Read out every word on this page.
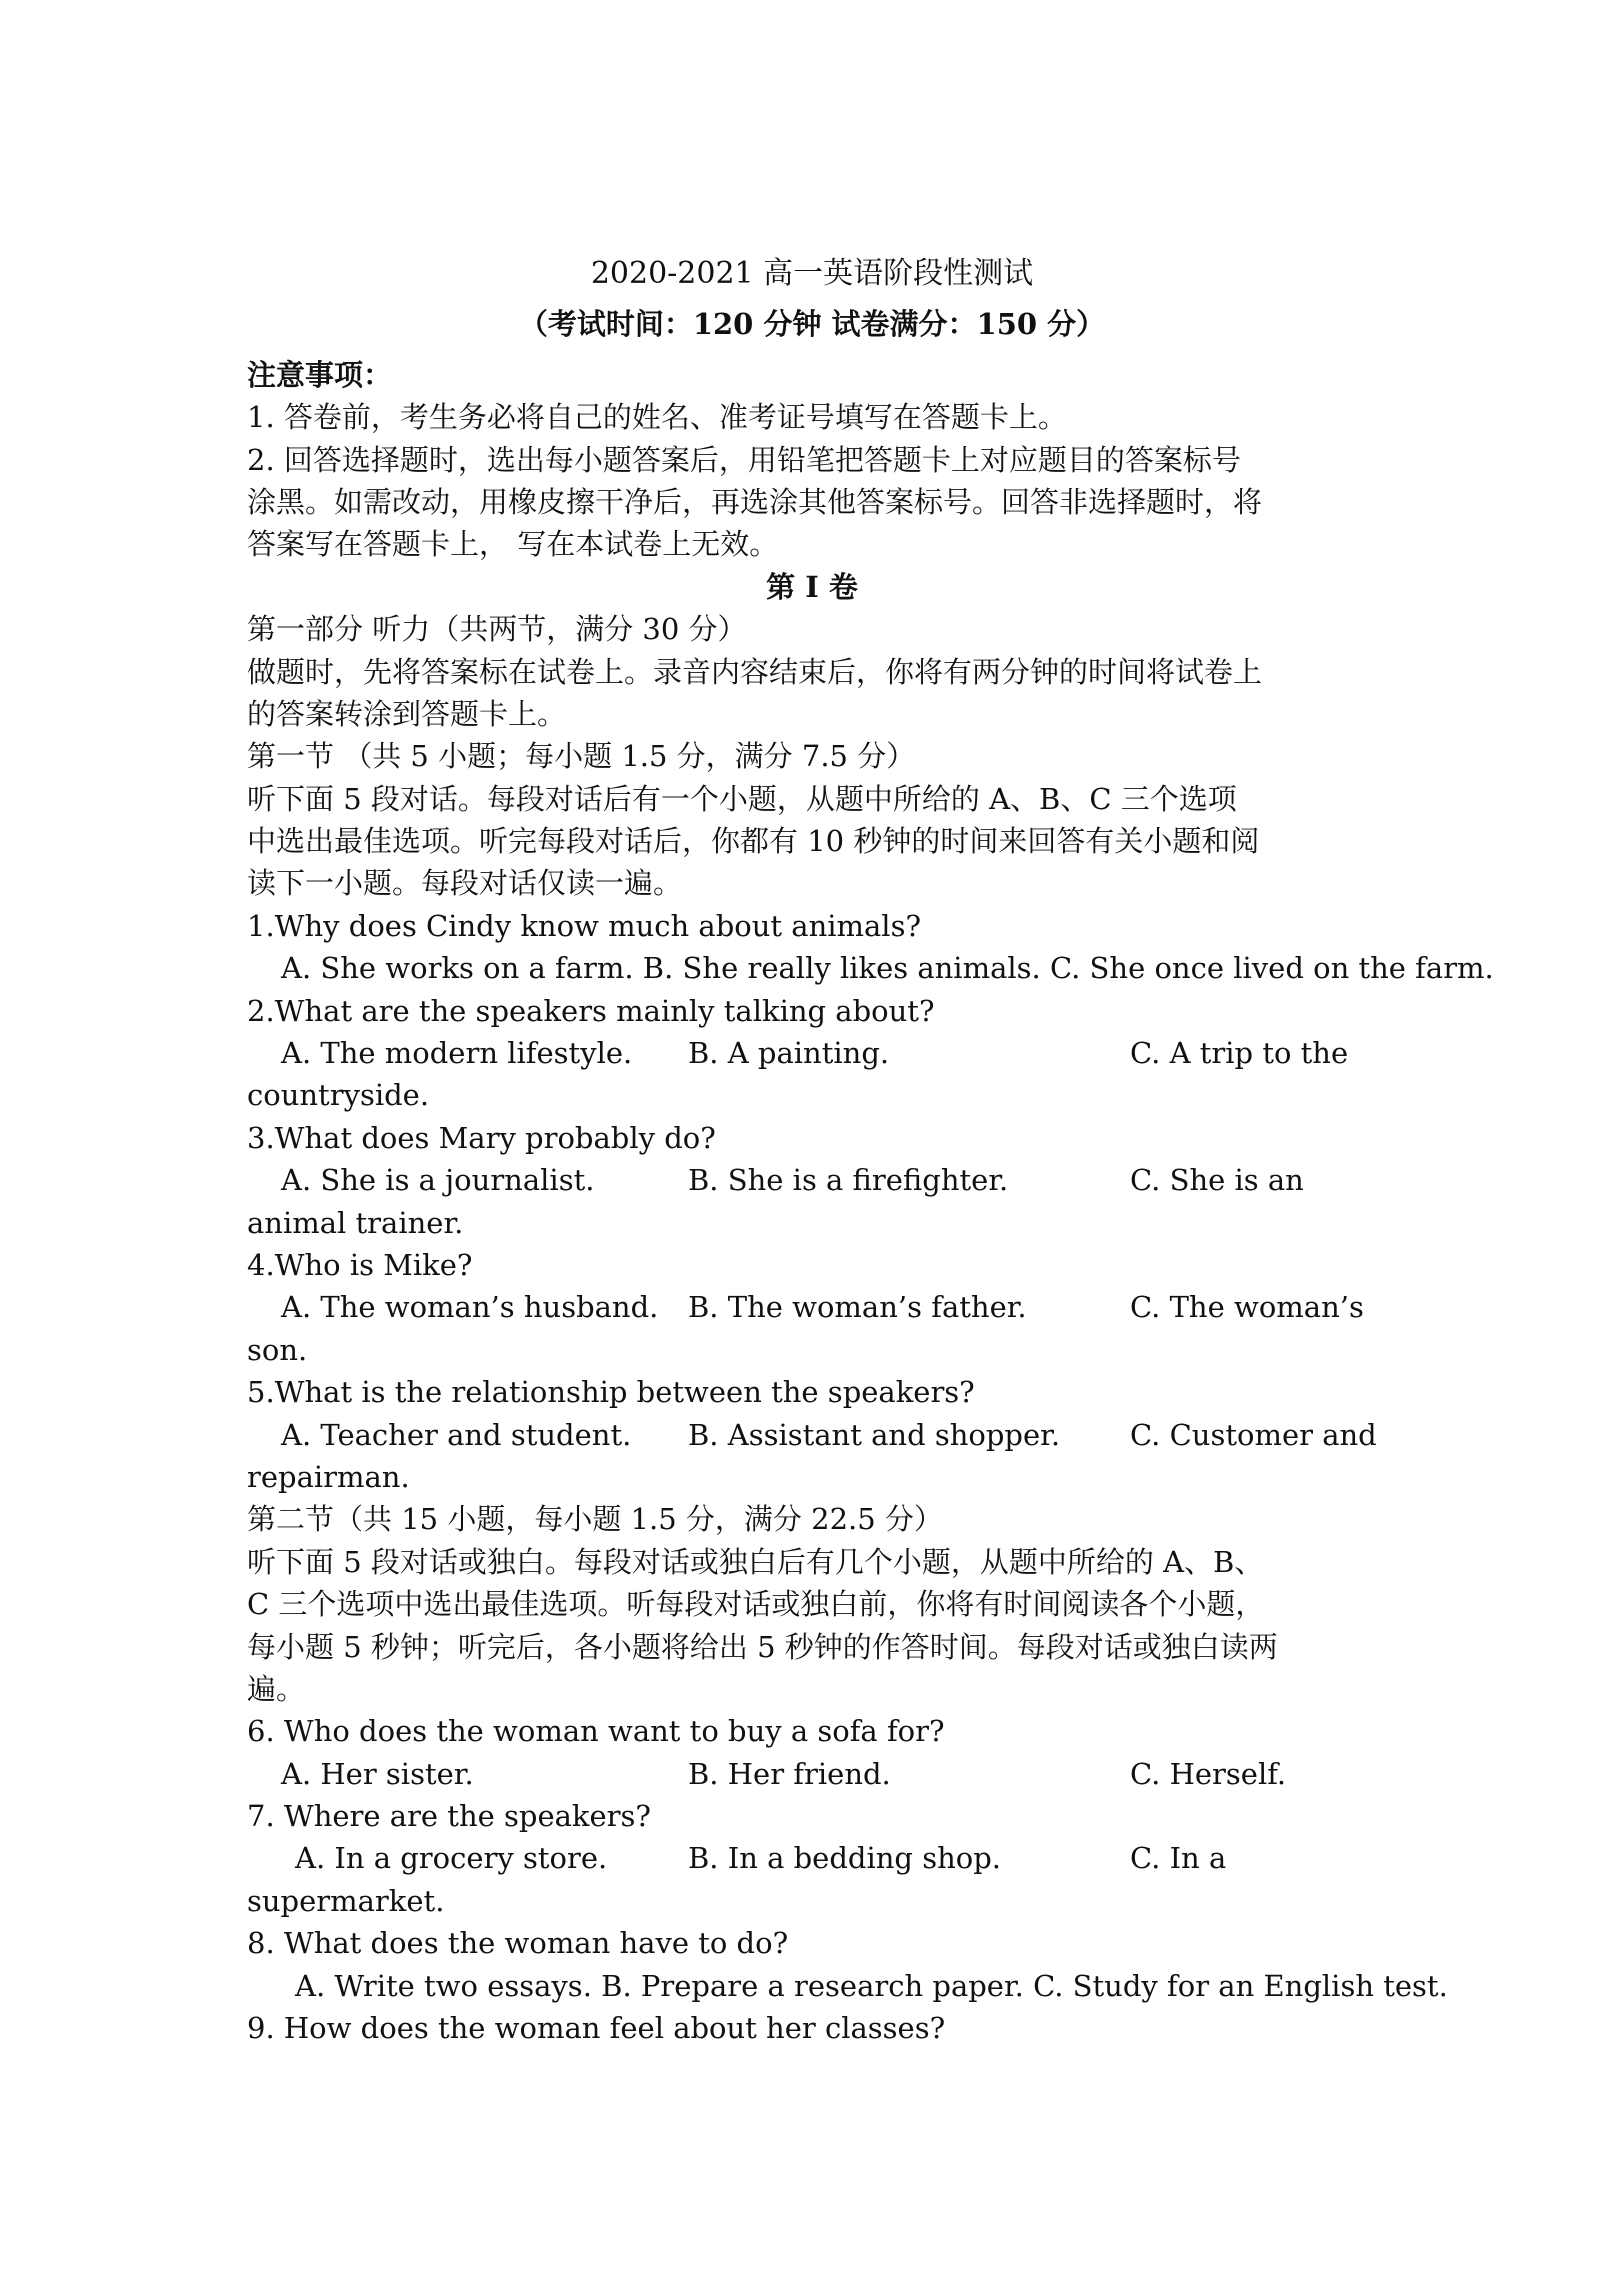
2020-2021 高一英语阶段性测试
（考试时间：120 分钟 试卷满分：150 分）
注意事项：
1. 答卷前，考生务必将自己的姓名、准考证号填写在答题卡上。
2. 回答选择题时，选出每小题答案后，用铅笔把答题卡上对应题目的答案标号
涂黑。如需改动，用橡皮擦干净后，再选涂其他答案标号。回答非选择题时，将
答案写在答题卡上， 写在本试卷上无效。
第 I 卷
第一部分 听力（共两节，满分 30 分）
做题时，先将答案标在试卷上。录音内容结束后，你将有两分钟的时间将试卷上
的答案转涂到答题卡上。
第一节 （共 5 小题；每小题 1.5 分，满分 7.5 分）
听下面 5 段对话。每段对话后有一个小题，从题中所给的 A、B、C 三个选项
中选出最佳选项。听完每段对话后，你都有 10 秒钟的时间来回答有关小题和阅
读下一小题。每段对话仅读一遍。
1.Why does Cindy know much about animals?
A. She works on a farm. B. She really likes animals. C. She once lived on the farm.
2.What are the speakers mainly talking about?
A. The modern lifestyle. B. A painting.	C. A trip to the
countryside.
3.What does Mary probably do?
A. She is a journalist.	B. She is a firefighter.	C. She is an
animal trainer.
4.Who is Mike?
A. The woman’s husband. B. The woman’s father.	C. The woman’s
son.
5.What is the relationship between the speakers?
A. Teacher and student. B. Assistant and shopper. C. Customer and
repairman.
第二节（共 15 小题，每小题 1.5 分，满分 22.5 分）
听下面 5 段对话或独白。每段对话或独白后有几个小题，从题中所给的 A、B、
C 三个选项中选出最佳选项。听每段对话或独白前，你将有时间阅读各个小题，
每小题 5 秒钟；听完后，各小题将给出 5 秒钟的作答时间。每段对话或独白读两
遍。
6. Who does the woman want to buy a sofa for?
A. Her sister.	B. Her friend.	C. Herself.
7. Where are the speakers?
A. In a grocery store.	B. In a bedding shop.	C. In a
supermarket.
8. What does the woman have to do?
A. Write two essays. B. Prepare a research paper. C. Study for an English test.
9. How does the woman feel about her classes?
